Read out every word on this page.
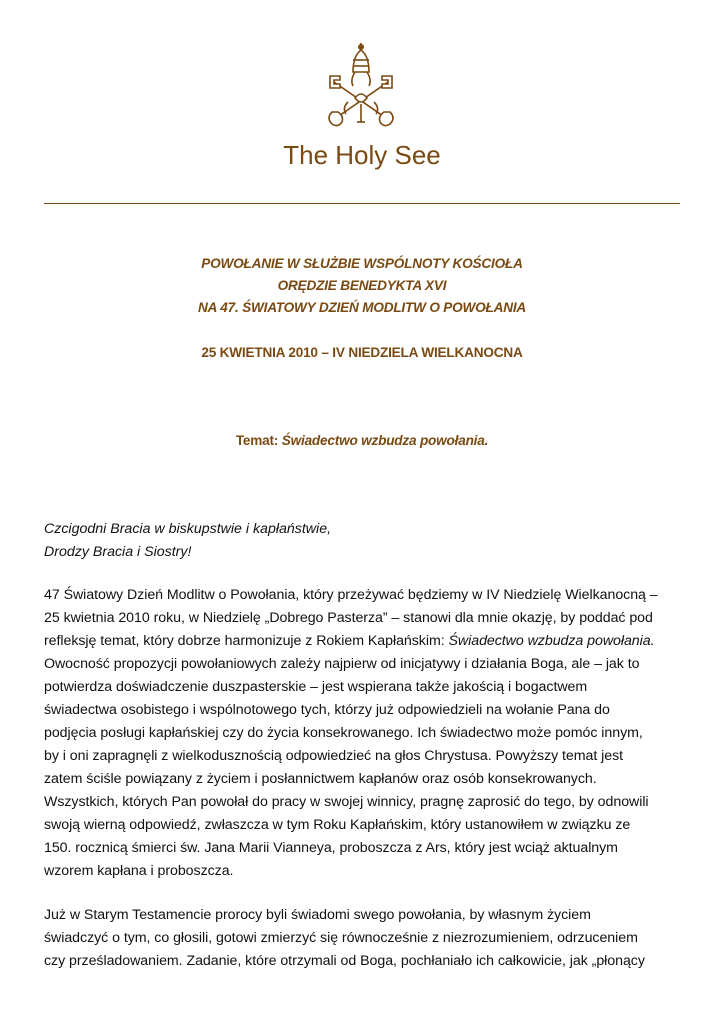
The Holy See
POWOŁANIE W SŁUŻBIE WSPÓLNOTY KOŚCIOŁA
ORĘDZIE BENEDYKTA XVI
NA 47. ŚWIATOWY DZIEŃ MODLITW O POWOŁANIA
25 KWIETNIA 2010 – IV NIEDZIELA WIELKANOCNA
Temat: Świadectwo wzbudza powołania.
Czcigodni Bracia w biskupstwie i kapłaństwie,
Drodzy Bracia i Siostry!
47 Światowy Dzień Modlitw o Powołania, który przeżywać będziemy w IV Niedzielę Wielkanocną –
25 kwietnia 2010 roku, w Niedzielę „Dobrego Pasterza” – stanowi dla mnie okazję, by poddać pod
refleksję temat, który dobrze harmonizuje z Rokiem Kapłańskim: Świadectwo wzbudza powołania.
Owocność propozycji powołaniowych zależy najpierw od inicjatywy i działania Boga, ale – jak to
potwierdza doświadczenie duszpasterskie – jest wspierana także jakością i bogactwem
świadectwa osobistego i wspólnotowego tych, którzy już odpowiedzieli na wołanie Pana do
podjęcia posługi kapłańskiej czy do życia konsekrowanego. Ich świadectwo może pomóc innym,
by i oni zapragnęli z wielkodusznością odpowiedzieć na głos Chrystusa. Powyższy temat jest
zatem ściśle powiązany z życiem i posłannictwem kapłanów oraz osób konsekrowanych.
Wszystkich, których Pan powołał do pracy w swojej winnicy, pragnę zaprosić do tego, by odnowili
swoją wierną odpowiedź, zwłaszcza w tym Roku Kapłańskim, który ustanowiłem w związku ze
150. rocznicą śmierci św. Jana Marii Vianneya, proboszcza z Ars, który jest wciąż aktualnym
wzorem kapłana i proboszcza.
Już w Starym Testamencie prorocy byli świadomi swego powołania, by własnym życiem
świadczyć o tym, co głosili, gotowi zmierzyć się równocześnie z niezrozumieniem, odrzuceniem
czy prześladowaniem. Zadanie, które otrzymali od Boga, pochłaniało ich całkowicie, jak „płonący
